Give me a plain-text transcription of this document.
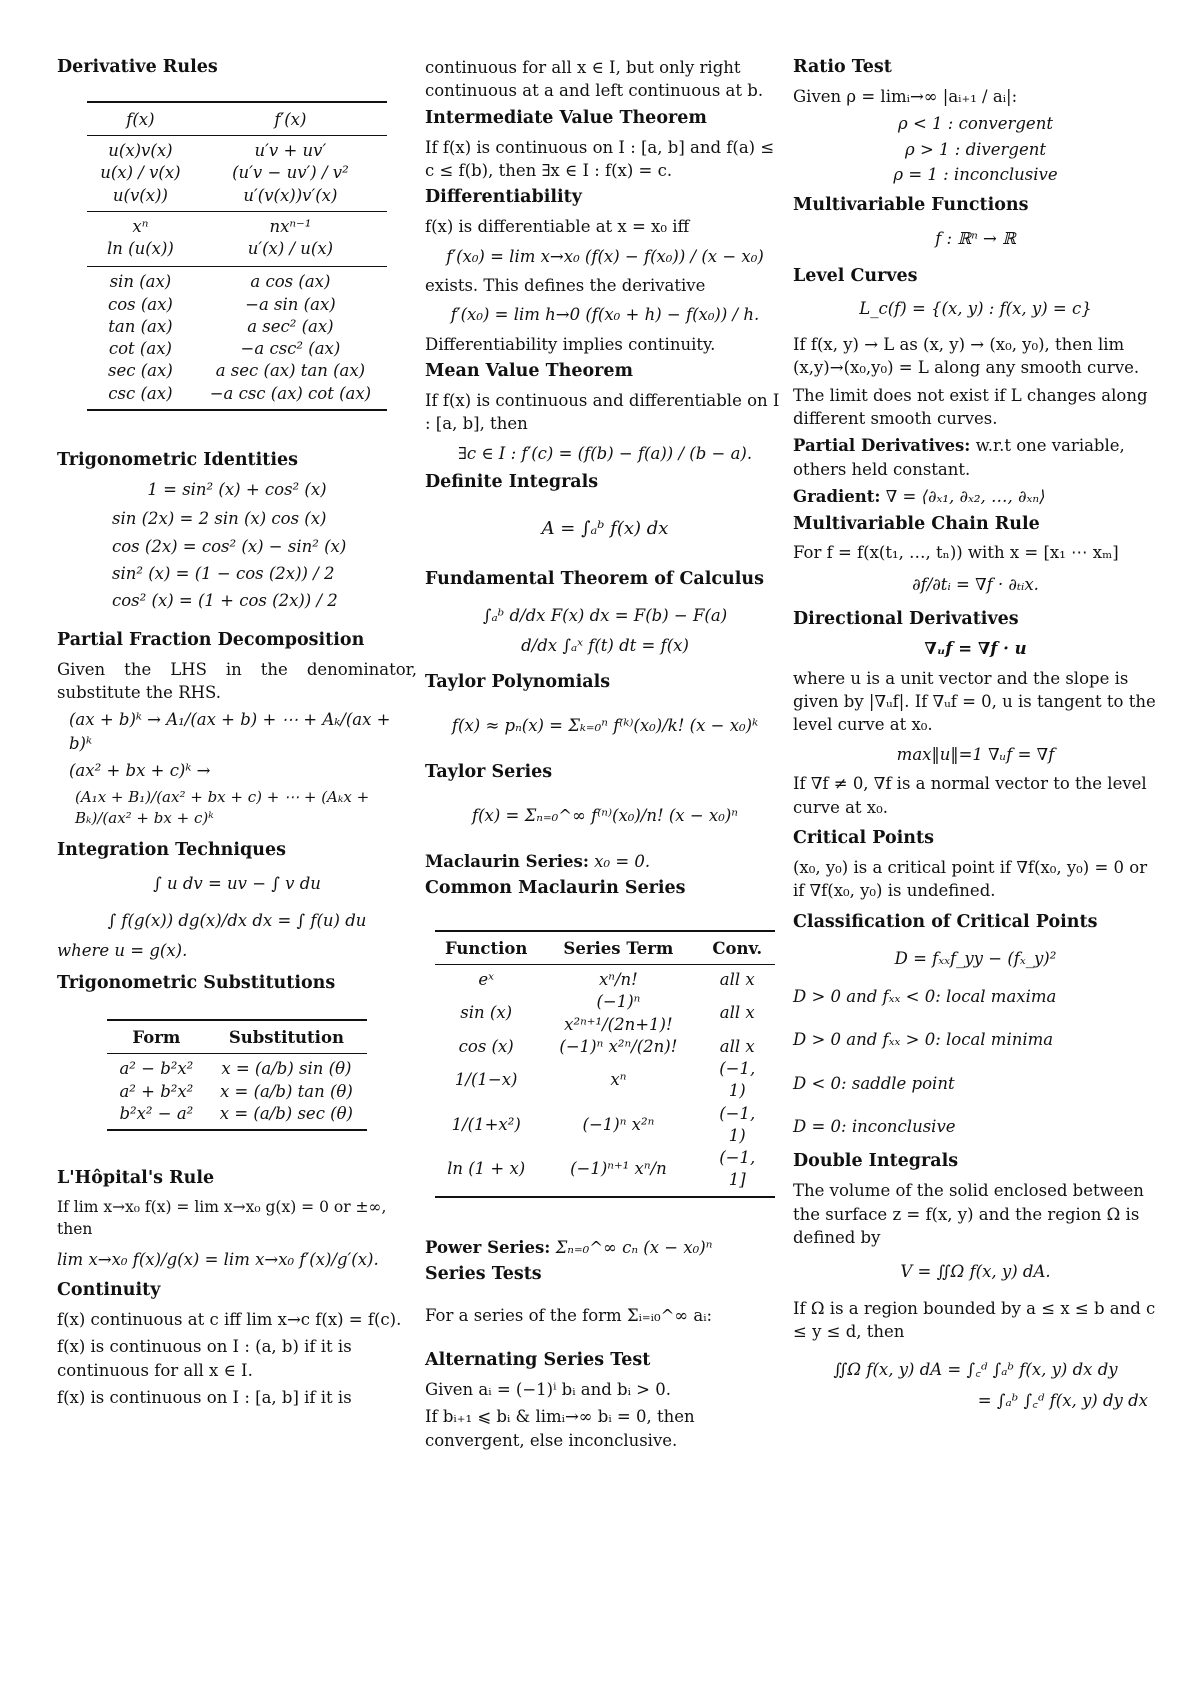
Derivative Rules
f(x)	f′(x)
u(x)v(x)	u′v + uv′
u(x) / v(x)	(u′v − uv′) / v²
u(v(x))	u′(v(x))v′(x)
xⁿ	nxⁿ⁻¹
ln (u(x))	u′(x) / u(x)
sin (ax)	a cos (ax)
cos (ax)	−a sin (ax)
tan (ax)	a sec² (ax)
cot (ax)	−a csc² (ax)
sec (ax)	a sec (ax) tan (ax)
csc (ax)	−a csc (ax) cot (ax)
Trigonometric Identities
1 = sin² (x) + cos² (x)
sin (2x) = 2 sin (x) cos (x)
cos (2x) = cos² (x) − sin² (x)
sin² (x) = (1 − cos (2x)) / 2
cos² (x) = (1 + cos (2x)) / 2
Partial Fraction Decomposition

Given the LHS in the denominator, substitute the RHS.

(ax + b)ᵏ → A₁/(ax + b) + ⋯ + Aₖ/(ax + b)ᵏ
(ax² + bx + c)ᵏ →
(A₁x + B₁)/(ax² + bx + c) + ⋯ + (Aₖx + Bₖ)/(ax² + bx + c)ᵏ
Integration Techniques
∫ u dv = uv − ∫ v du
∫ f(g(x)) dg(x)/dx dx = ∫ f(u) du

where u = g(x).

Trigonometric Substitutions
Form	Substitution
a² − b²x²	x = (a/b) sin (θ)
a² + b²x²	x = (a/b) tan (θ)
b²x² − a²	x = (a/b) sec (θ)
L'Hôpital's Rule

If lim x→x₀ f(x) = lim x→x₀ g(x) = 0 or ±∞, then

lim x→x₀ f(x)/g(x) = lim x→x₀ f′(x)/g′(x).

Continuity

f(x) continuous at c iff lim x→c f(x) = f(c).

f(x) is continuous on I : (a, b) if it is continuous for all x ∈ I.

f(x) is continuous on I : [a, b] if it is

continuous for all x ∈ I, but only right continuous at a and left continuous at b.

Intermediate Value Theorem

If f(x) is continuous on I : [a, b] and f(a) ≤ c ≤ f(b), then ∃x ∈ I : f(x) = c.

Differentiability

f(x) is differentiable at x = x₀ iff

f′(x₀) = lim x→x₀ (f(x) − f(x₀)) / (x − x₀)

exists. This defines the derivative

f′(x₀) = lim h→0 (f(x₀ + h) − f(x₀)) / h.

Differentiability implies continuity.

Mean Value Theorem

If f(x) is continuous and differentiable on I : [a, b], then

∃c ∈ I : f′(c) = (f(b) − f(a)) / (b − a).
Definite Integrals
A = ∫ₐᵇ f(x) dx
Fundamental Theorem of Calculus
∫ₐᵇ d/dx F(x) dx = F(b) − F(a)
d/dx ∫ₐˣ f(t) dt = f(x)
Taylor Polynomials
f(x) ≈ pₙ(x) = Σₖ₌₀ⁿ f⁽ᵏ⁾(x₀)/k! (x − x₀)ᵏ
Taylor Series
f(x) = Σₙ₌₀^∞ f⁽ⁿ⁾(x₀)/n! (x − x₀)ⁿ

Maclaurin Series: x₀ = 0.

Common Maclaurin Series
Function	Series Term	Conv.
eˣ	xⁿ/n!	all x
sin (x)	(−1)ⁿ x²ⁿ⁺¹/(2n+1)!	all x
cos (x)	(−1)ⁿ x²ⁿ/(2n)!	all x
1/(1−x)	xⁿ	(−1, 1)
1/(1+x²)	(−1)ⁿ x²ⁿ	(−1, 1)
ln (1 + x)	(−1)ⁿ⁺¹ xⁿ/n	(−1, 1]

Power Series: Σₙ₌₀^∞ cₙ (x − x₀)ⁿ

Series Tests

For a series of the form Σᵢ₌ᵢ₀^∞ aᵢ:

Alternating Series Test

Given aᵢ = (−1)ⁱ bᵢ and bᵢ > 0.

If bᵢ₊₁ ⩽ bᵢ & limᵢ→∞ bᵢ = 0, then convergent, else inconclusive.

Ratio Test

Given ρ = limᵢ→∞ |aᵢ₊₁ / aᵢ|:

ρ < 1 : convergent
ρ > 1 : divergent
ρ = 1 : inconclusive
Multivariable Functions
f : ℝⁿ → ℝ
Level Curves
L_c(f) = {(x, y) : f(x, y) = c}

If f(x, y) → L as (x, y) → (x₀, y₀), then lim (x,y)→(x₀,y₀) = L along any smooth curve.

The limit does not exist if L changes along different smooth curves.

Partial Derivatives: w.r.t one variable, others held constant.

Gradient: ∇ = ⟨∂ₓ₁, ∂ₓ₂, …, ∂ₓₙ⟩

Multivariable Chain Rule

For f = f(x(t₁, …, tₙ)) with x = [x₁ ⋯ xₘ]

∂f/∂tᵢ = ∇f · ∂ₜᵢx.
Directional Derivatives
∇ᵤf = ∇f · u

where u is a unit vector and the slope is given by |∇ᵤf|. If ∇ᵤf = 0, u is tangent to the level curve at x₀.

max‖u‖=1 ∇ᵤf = ∇f

If ∇f ≠ 0, ∇f is a normal vector to the level curve at x₀.

Critical Points

(x₀, y₀) is a critical point if ∇f(x₀, y₀) = 0 or if ∇f(x₀, y₀) is undefined.

Classification of Critical Points
D = fₓₓf_yy − (fₓ_y)²

D > 0 and fₓₓ < 0: local maxima

D > 0 and fₓₓ > 0: local minima

D < 0: saddle point

D = 0: inconclusive

Double Integrals

The volume of the solid enclosed between the surface z = f(x, y) and the region Ω is defined by

V = ∬Ω f(x, y) dA.

If Ω is a region bounded by a ≤ x ≤ b and c ≤ y ≤ d, then

∬Ω f(x, y) dA = ∫꜀ᵈ ∫ₐᵇ f(x, y) dx dy
= ∫ₐᵇ ∫꜀ᵈ f(x, y) dy dx
